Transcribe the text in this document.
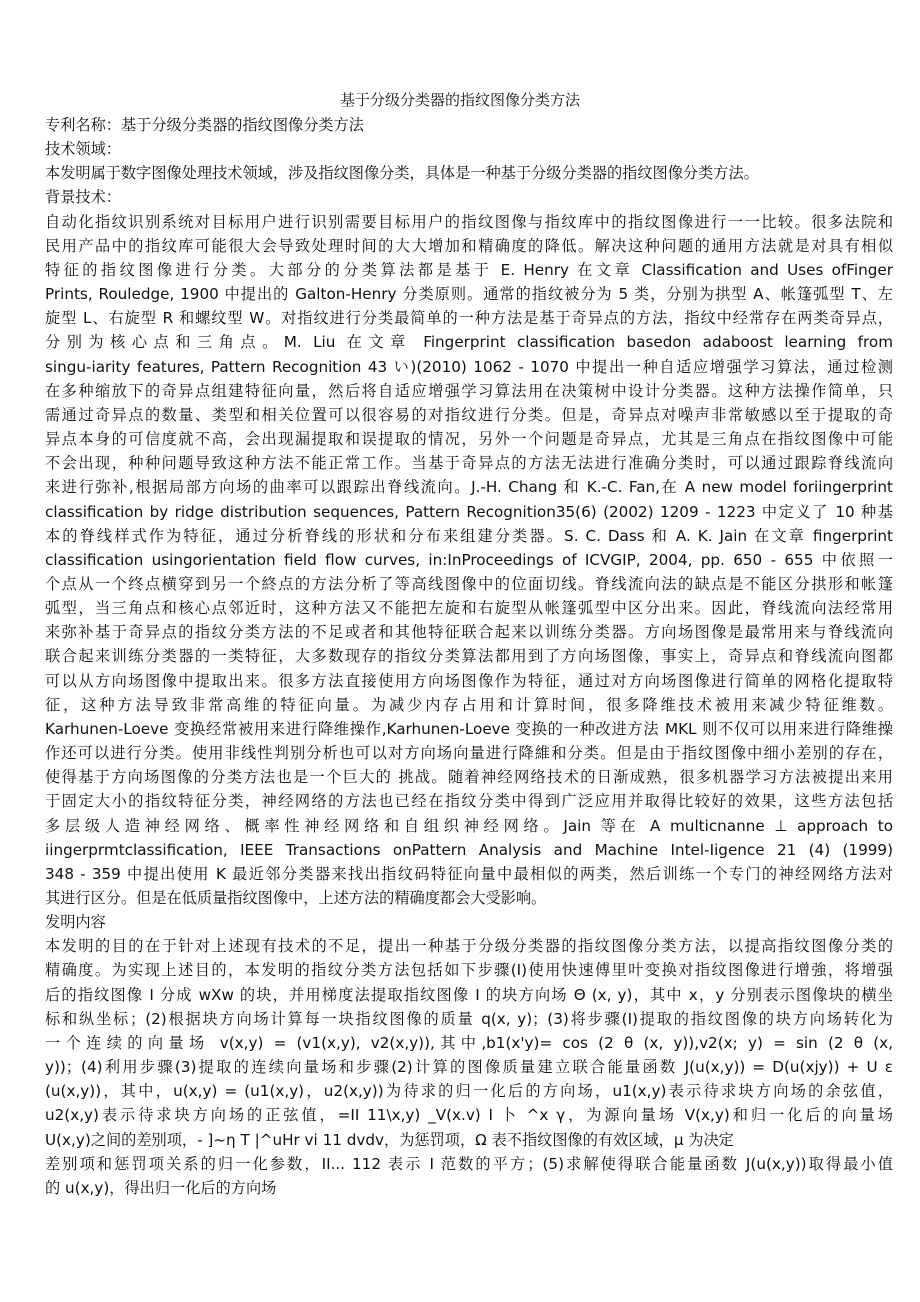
基于分级分类器的指纹图像分类方法
专利名称：基于分级分类器的指纹图像分类方法
技术领域：
本发明属于数字图像处理技术领域，涉及指纹图像分类，具体是一种基于分级分类器的指纹图像分类方法。
背景技术：
自动化指纹识别系统对目标用户进行识别需要目标用户的指纹图像与指纹库中的指纹图像进行一一比较。很多法院和
民用产品中的指纹库可能很大会导致处理时间的大大增加和精确度的降低。解决这种问题的通用方法就是对具有相似
特征的指纹图像进行分类。大部分的分类算法都是基于 E. Henry 在文章 Classification and Uses ofFinger
Prints, Rouledge, 1900 中提出的 Galton-Henry 分类原则。通常的指纹被分为 5 类，分别为拱型 A、帐篷弧型 T、左
旋型 L、右旋型 R 和螺纹型 W。对指纹进行分类最简单的一种方法是基于奇异点的方法，指纹中经常存在两类奇异点，
分别为核心点和三角点。M. Liu 在文章 Fingerprint classification basedon adaboost learning from
singu-iarity features, Pattern Recognition 43 い)(2010) 1062 - 1070 中提出一种自适应增强学习算法，通过检测
在多种缩放下的奇异点组建特征向量，然后将自适应增强学习算法用在决策树中设计分类器。这种方法操作简单，只
需通过奇异点的数量、类型和相关位置可以很容易的对指纹进行分类。但是，奇异点对噪声非常敏感以至于提取的奇
异点本身的可信度就不高，会出现漏提取和误提取的情况，另外一个问题是奇异点，尤其是三角点在指纹图像中可能
不会出现，种种问题导致这种方法不能正常工作。当基于奇异点的方法无法进行准确分类时，可以通过跟踪脊线流向
来进行弥补,根据局部方向场的曲率可以跟踪出脊线流向。J.-H. Chang 和 K.-C. Fan,在 A new model foriingerprint
classification by ridge distribution sequences, Pattern Recognition35(6) (2002) 1209 - 1223 中定义了 10 种基
本的脊线样式作为特征，通过分析脊线的形状和分布来组建分类器。S. C. Dass 和 A. K. Jain 在文章 fingerprint
classification usingorientation field flow curves, in:InProceedings of ICVGIP, 2004, pp. 650 - 655 中依照一
个点从一个终点横穿到另一个終点的方法分析了等高线图像中的位面切线。脊线流向法的缺点是不能区分拱形和帐篷
弧型，当三角点和核心点邻近时，这种方法又不能把左旋和右旋型从帐篷弧型中区分出来。因此，脊线流向法经常用
来弥补基于奇异点的指纹分类方法的不足或者和其他特征联合起来以训练分类器。方向场图像是最常用来与脊线流向
联合起来训练分类器的一类特征，大多数现存的指纹分类算法都用到了方向场图像，事实上，奇异点和脊线流向图都
可以从方向场图像中提取出来。很多方法直接使用方向场图像作为特征，通过对方向场图像进行简单的网格化提取特
征，这种方法导致非常高维的特征向量。为减少内存占用和计算时间，很多降维技术被用来减少特征维数。
Karhunen-Loeve 变换经常被用来进行降维操作,Karhunen-Loeve 变换的一种改进方法 MKL 则不仅可以用来进行降维操
作还可以进行分类。使用非线性判别分析也可以对方向场向量进行降維和分类。但是由于指纹图像中细小差别的存在，
使得基于方向场图像的分类方法也是一个巨大的 挑战。随着神经网络技术的日渐成熟，很多机器学习方法被提出来用
于固定大小的指纹特征分类，神经网络的方法也已经在指纹分类中得到广泛应用并取得比较好的效果，这些方法包括
多层级人造神经网络、概率性神经网络和自组织神经网络。Jain 等在 A multicnanne ⊥ approach to
iingerprmtclassification, IEEE Transactions onPattern Analysis and Machine Intel-Iigence 21 (4) (1999)
348 - 359 中提出使用 K 最近邻分类器来找出指纹码特征向量中最相似的两类，然后训练一个专门的神经网络方法对
其进行区分。但是在低质量指纹图像中，上述方法的精确度都会大受影响。
发明内容
本发明的目的在于针对上述现有技术的不足，提出一种基于分级分类器的指纹图像分类方法，以提高指纹图像分类的
精确度。为实现上述目的，本发明的指纹分类方法包括如下步骤(I)使用快速傅里叶变换对指纹图像进行增強，将增强
后的指纹图像 I 分成 wXw 的块，并用梯度法提取指纹图像 I 的块方向场 Θ (x, y)，其中 x，y 分别表示图像块的横坐
标和纵坐标；(2)根据块方向场计算每一块指纹图像的质量 q(x, y)；(3)将步骤(I)提取的指纹图像的块方向场转化为
一个连续的向量场 v(x,y) = (v1(x,y), v2(x,y)),其中,b1(x'y)= cos (2 θ (x, y)),v2(x; y) = sin (2 θ (x,
y))；(4)利用步骤(3)提取的连续向量场和步骤(2)计算的图像质量建立联合能量函数 J(u(x,y)) = D(u(xjy)) + U ε
(u(x,y))，其中，u(x,y) = (u1(x,y)，u2(x,y))为待求的归一化后的方向场，u1(x,y)表示待求块方向场的余弦值，
u2(x,y)表示待求块方向场的正弦值，=II 11\x,y) _V(x.v) I 卜 ^x γ，为源向量场 V(x,y)和归一化后的向量场
U(x,y)之间的差别项，- ]~η T |^uHr vi 11 dvdv，为惩罚项，Ω 表不指纹图像的有效区域，μ 为决定
差别项和惩罚项关系的归一化参数，II... 112 表示 I 范数的平方；(5)求解使得联合能量函数 J(u(x,y))取得最小值
的 u(x,y)，得出归一化后的方向场
